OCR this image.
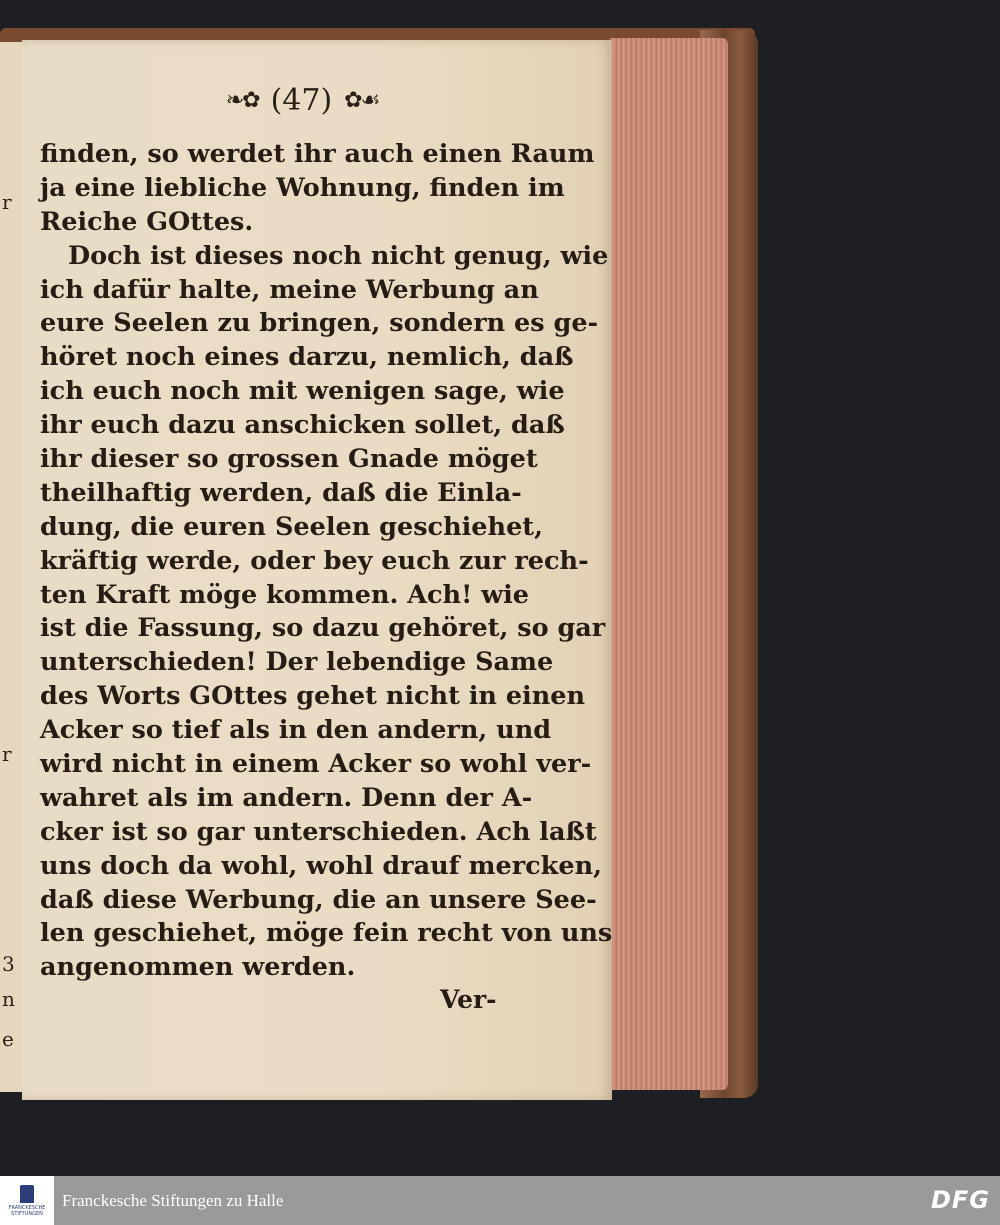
r
r
3
n
e
❧✿ (47) ✿☙
finden, so werdet ihr auch einen Raum
ja eine liebliche Wohnung, finden im
Reiche GOttes.
Doch ist dieses noch nicht genug, wie
ich dafür halte, meine Werbung an
eure Seelen zu bringen, sondern es ge-
höret noch eines darzu, nemlich, daß
ich euch noch mit wenigen sage, wie
ihr euch dazu anschicken sollet, daß
ihr dieser so grossen Gnade möget
theilhaftig werden, daß die Einla-
dung, die euren Seelen geschiehet,
kräftig werde, oder bey euch zur rech-
ten Kraft möge kommen. Ach! wie
ist die Fassung, so dazu gehöret, so gar
unterschieden! Der lebendige Same
des Worts GOttes gehet nicht in einen
Acker so tief als in den andern, und
wird nicht in einem Acker so wohl ver-
wahret als im andern. Denn der A-
cker ist so gar unterschieden. Ach laßt
uns doch da wohl, wohl drauf mercken,
daß diese Werbung, die an unsere See-
len geschiehet, möge fein recht von uns
angenommen werden.
Ver-
FRANCKESCHE STIFTUNGEN
Franckesche Stiftungen zu Halle	DFG
